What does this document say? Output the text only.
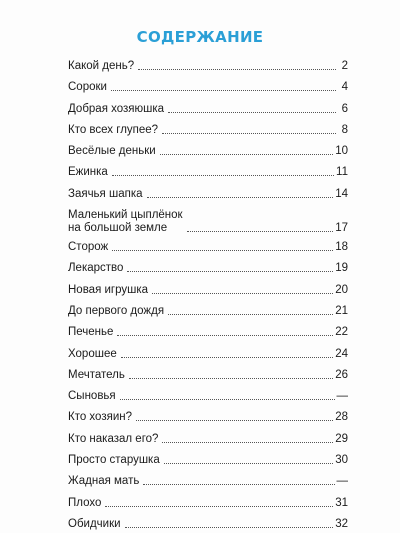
СОДЕРЖАНИЕ
Какой день?	2
Сороки	4
Добрая хозяюшка	6
Кто всех глупее?	8
Весёлые деньки	10
Ежинка	11
Заячья шапка	14
Маленький цыплёнок
на большой земле	17
Сторож	18
Лекарство	19
Новая игрушка	20
До первого дождя	21
Печенье	22
Хорошее	24
Мечтатель	26
Сыновья	—
Кто хозяин?	28
Кто наказал его?	29
Просто старушка	30
Жадная мать	—
Плохо	31
Обидчики	32
